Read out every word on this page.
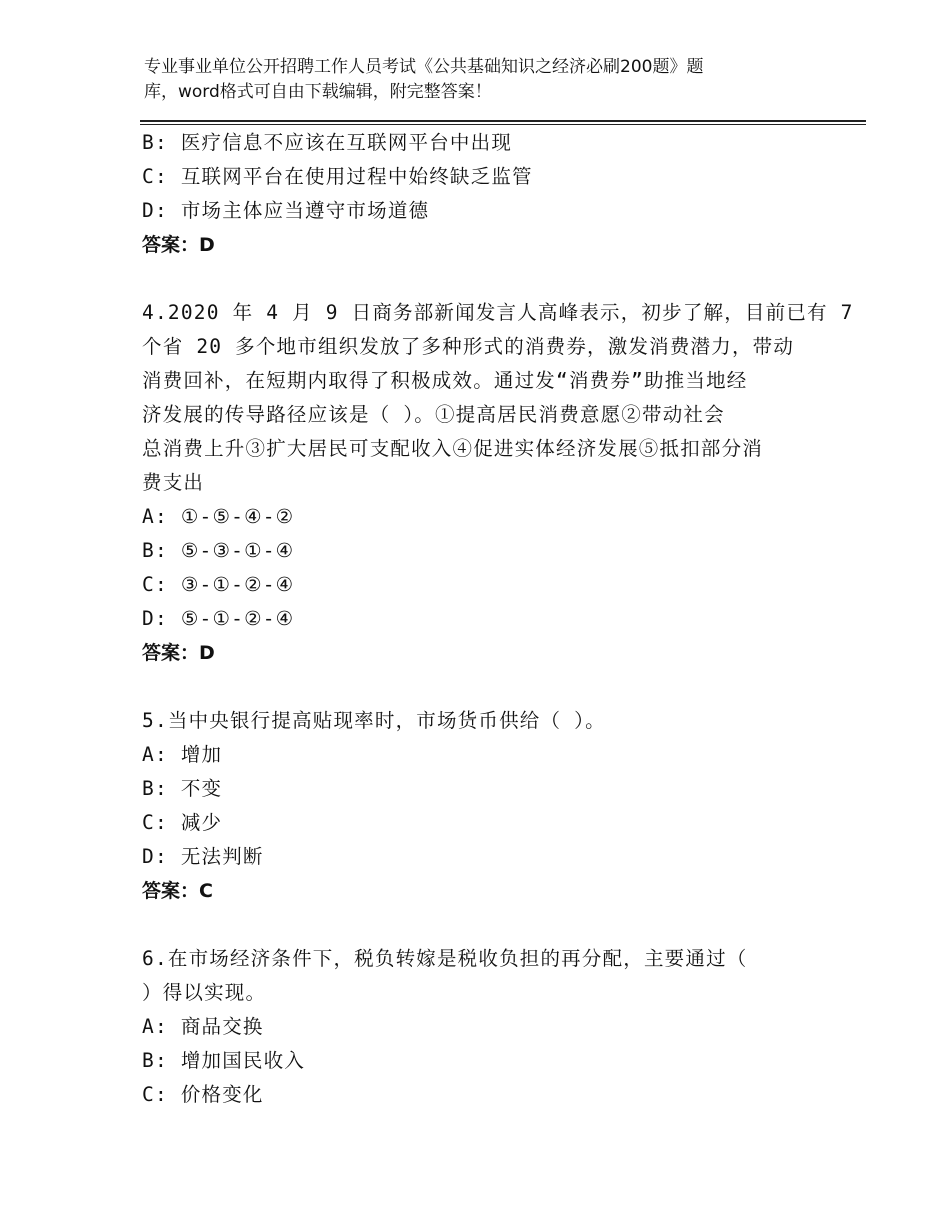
专业事业单位公开招聘工作人员考试《公共基础知识之经济必刷200题》题
库，word格式可自由下载编辑，附完整答案！
B: 医疗信息不应该在互联网平台中出现
C: 互联网平台在使用过程中始终缺乏监管
D: 市场主体应当遵守市场道德
答案：D
4.2020 年 4 月 9 日商务部新闻发言人高峰表示，初步了解，目前已有 7
个省 20 多个地市组织发放了多种形式的消费券，激发消费潜力，带动
消费回补，在短期内取得了积极成效。通过发“消费券”助推当地经
济发展的传导路径应该是（ ）。①提高居民消费意愿②带动社会
总消费上升③扩大居民可支配收入④促进实体经济发展⑤抵扣部分消
费支出
A: ①-⑤-④-②
B: ⑤-③-①-④
C: ③-①-②-④
D: ⑤-①-②-④
答案：D
5.当中央银行提高贴现率时，市场货币供给（ ）。
A: 增加
B: 不变
C: 减少
D: 无法判断
答案：C
6.在市场经济条件下，税负转嫁是税收负担的再分配，主要通过（
）得以实现。
A: 商品交换
B: 增加国民收入
C: 价格变化
